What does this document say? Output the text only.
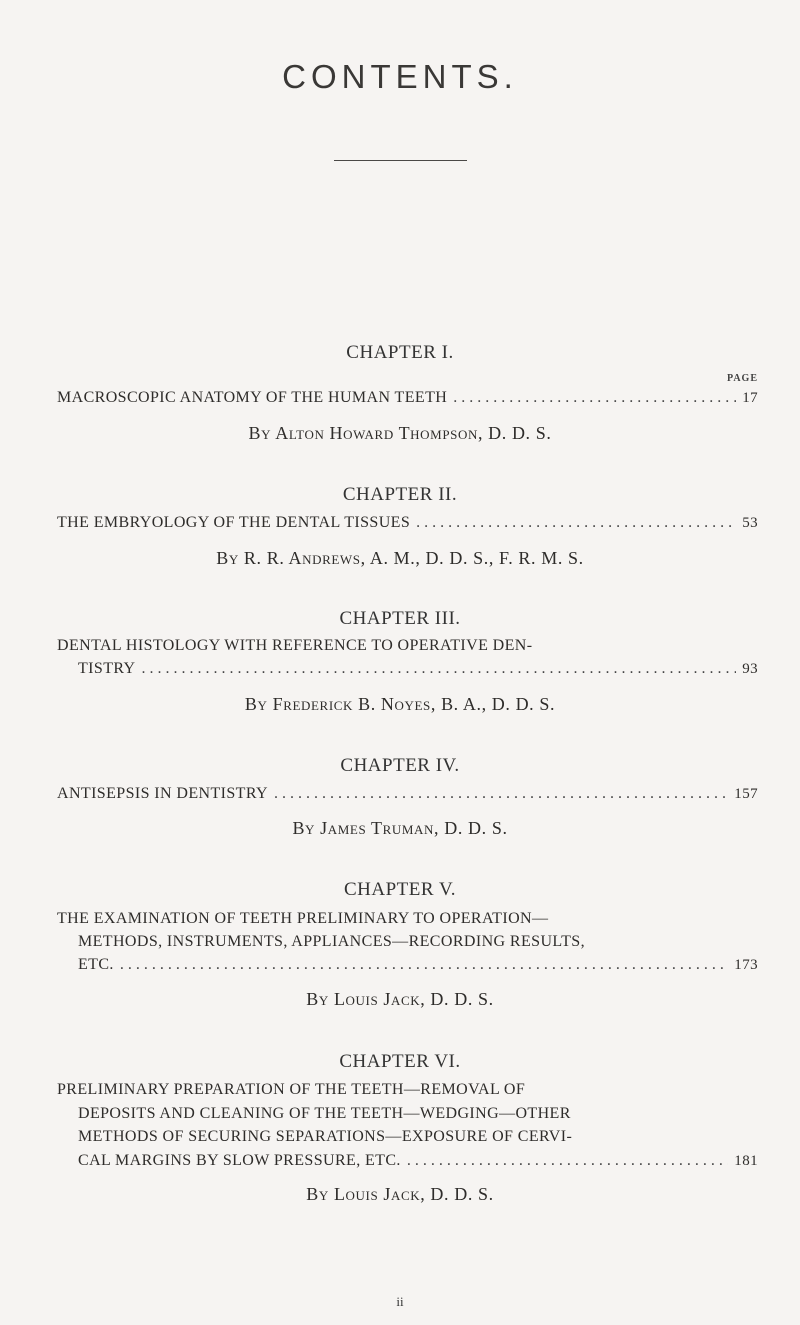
CONTENTS.
CHAPTER I.
PAGE
MACROSCOPIC ANATOMY OF THE HUMAN TEETH . . .	17
By Alton Howard Thompson, D. D. S.
CHAPTER II.
THE EMBRYOLOGY OF THE DENTAL TISSUES . . .	53
By R. R. Andrews, A. M., D. D. S., F. R. M. S.
CHAPTER III.
DENTAL HISTOLOGY WITH REFERENCE TO OPERATIVE DEN-
TISTRY . . .	93
By Frederick B. Noyes, B. A., D. D. S.
CHAPTER IV.
ANTISEPSIS IN DENTISTRY . . .	157
By James Truman, D. D. S.
CHAPTER V.
THE EXAMINATION OF TEETH PRELIMINARY TO OPERATION—
METHODS, INSTRUMENTS, APPLIANCES—RECORDING RESULTS,
ETC. . . .	173
By Louis Jack, D. D. S.
CHAPTER VI.
PRELIMINARY PREPARATION OF THE TEETH—REMOVAL OF
DEPOSITS AND CLEANING OF THE TEETH—WEDGING—OTHER
METHODS OF SECURING SEPARATIONS—EXPOSURE OF CERVI-
CAL MARGINS BY SLOW PRESSURE, ETC. . . .	181
By Louis Jack, D. D. S.
ii
